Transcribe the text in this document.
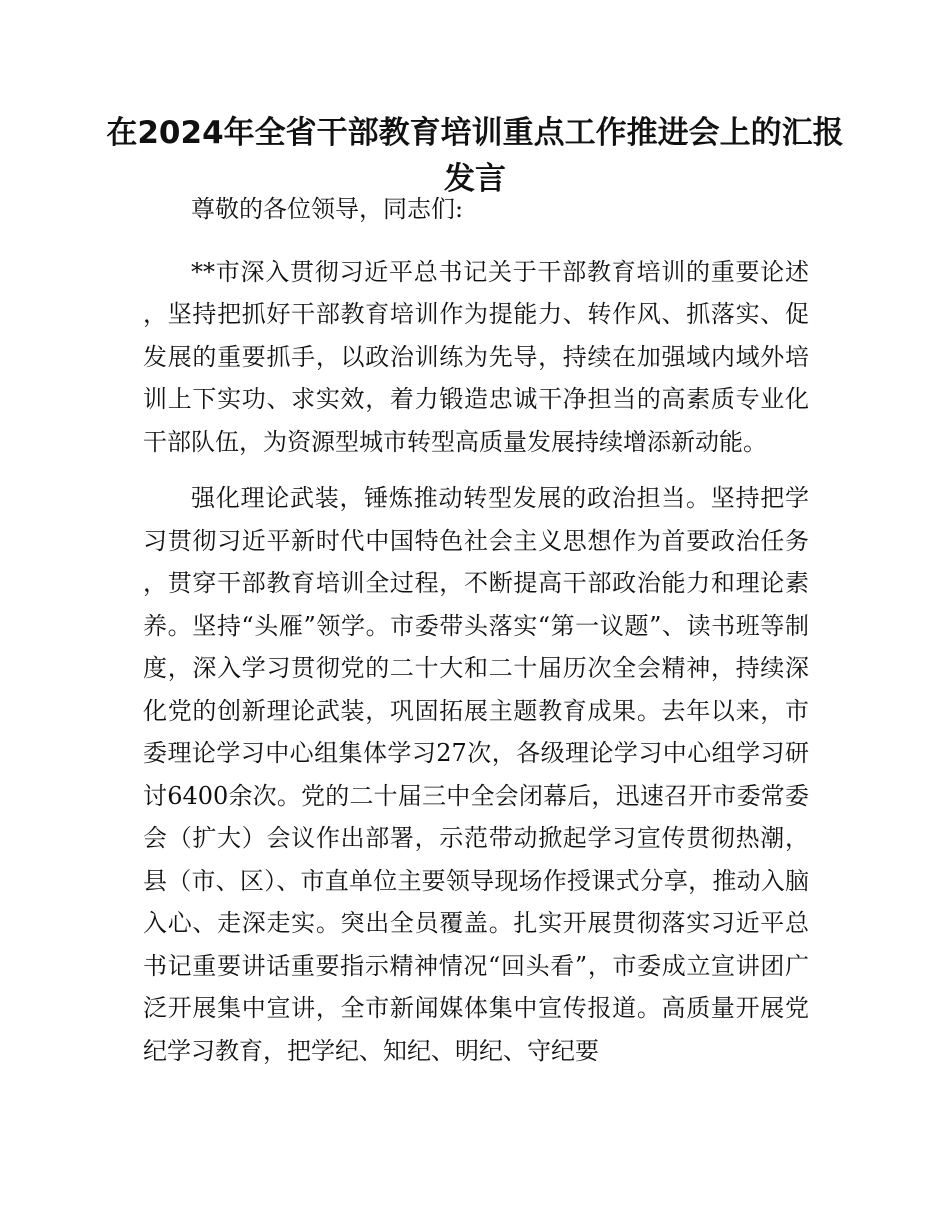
在2024年全省干部教育培训重点工作推进会上的汇报发言

尊敬的各位领导，同志们:

**市深入贯彻习近平总书记关于干部教育培训的重要论述，坚持把抓好干部教育培训作为提能力、转作风、抓落实、促发展的重要抓手，以政治训练为先导，持续在加强域内域外培训上下实功、求实效，着力锻造忠诚干净担当的高素质专业化干部队伍，为资源型城市转型高质量发展持续增添新动能。

强化理论武装，锤炼推动转型发展的政治担当。坚持把学习贯彻习近平新时代中国特色社会主义思想作为首要政治任务，贯穿干部教育培训全过程，不断提高干部政治能力和理论素养。坚持“头雁”领学。市委带头落实“第一议题”、读书班等制度，深入学习贯彻党的二十大和二十届历次全会精神，持续深化党的创新理论武装，巩固拓展主题教育成果。去年以来，市委理论学习中心组集体学习27次，各级理论学习中心组学习研讨6400余次。党的二十届三中全会闭幕后，迅速召开市委常委会（扩大）会议作出部署，示范带动掀起学习宣传贯彻热潮，县（市、区）、市直单位主要领导现场作授课式分享，推动入脑入心、走深走实。突出全员覆盖。扎实开展贯彻落实习近平总书记重要讲话重要指示精神情况“回头看”，市委成立宣讲团广泛开展集中宣讲，全市新闻媒体集中宣传报道。高质量开展党纪学习教育，把学纪、知纪、明纪、守纪要
